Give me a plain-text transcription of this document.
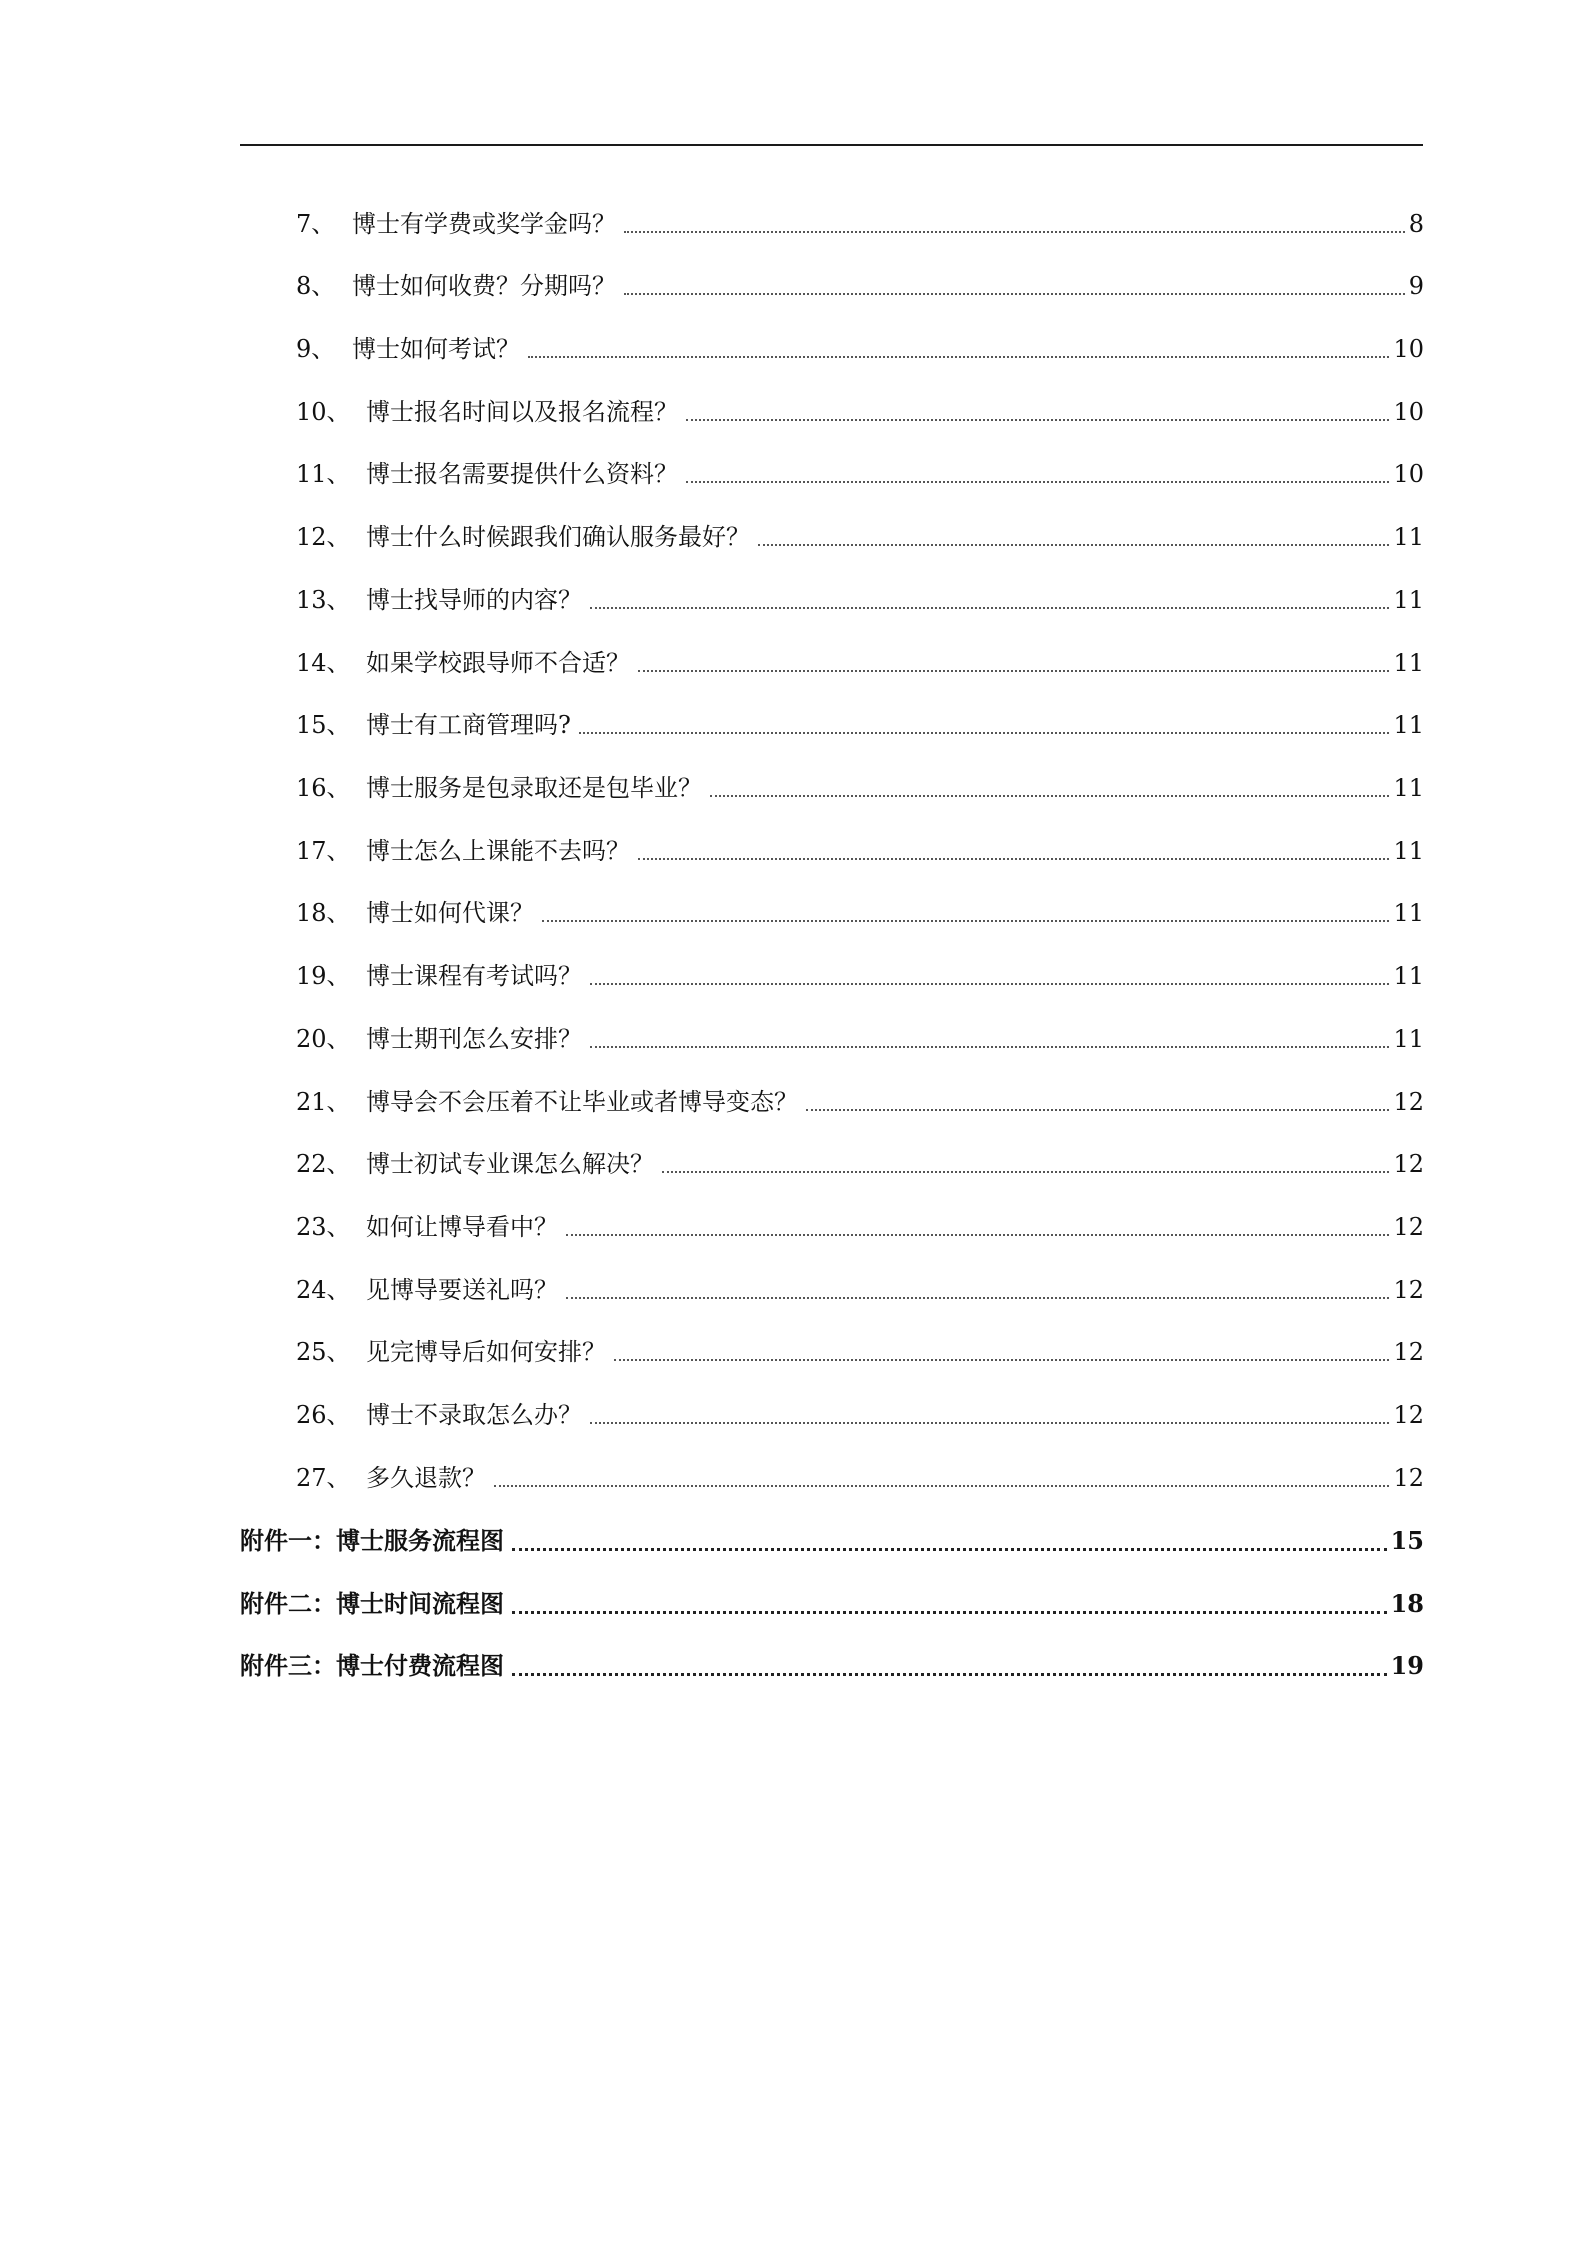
7、 博士有学费或奖学金吗？	8
8、 博士如何收费？分期吗？	9
9、 博士如何考试？	10
10、 博士报名时间以及报名流程？	10
11、 博士报名需要提供什么资料？	10
12、 博士什么时候跟我们确认服务最好？	11
13、 博士找导师的内容？	11
14、 如果学校跟导师不合适？	11
15、 博士有工商管理吗?	11
16、 博士服务是包录取还是包毕业？	11
17、 博士怎么上课能不去吗？	11
18、 博士如何代课？	11
19、 博士课程有考试吗？	11
20、 博士期刊怎么安排？	11
21、 博导会不会压着不让毕业或者博导变态？	12
22、 博士初试专业课怎么解决？	12
23、 如何让博导看中？	12
24、 见博导要送礼吗？	12
25、 见完博导后如何安排？	12
26、 博士不录取怎么办？	12
27、 多久退款？	12
附件一：博士服务流程图	15
附件二：博士时间流程图	18
附件三：博士付费流程图	19
